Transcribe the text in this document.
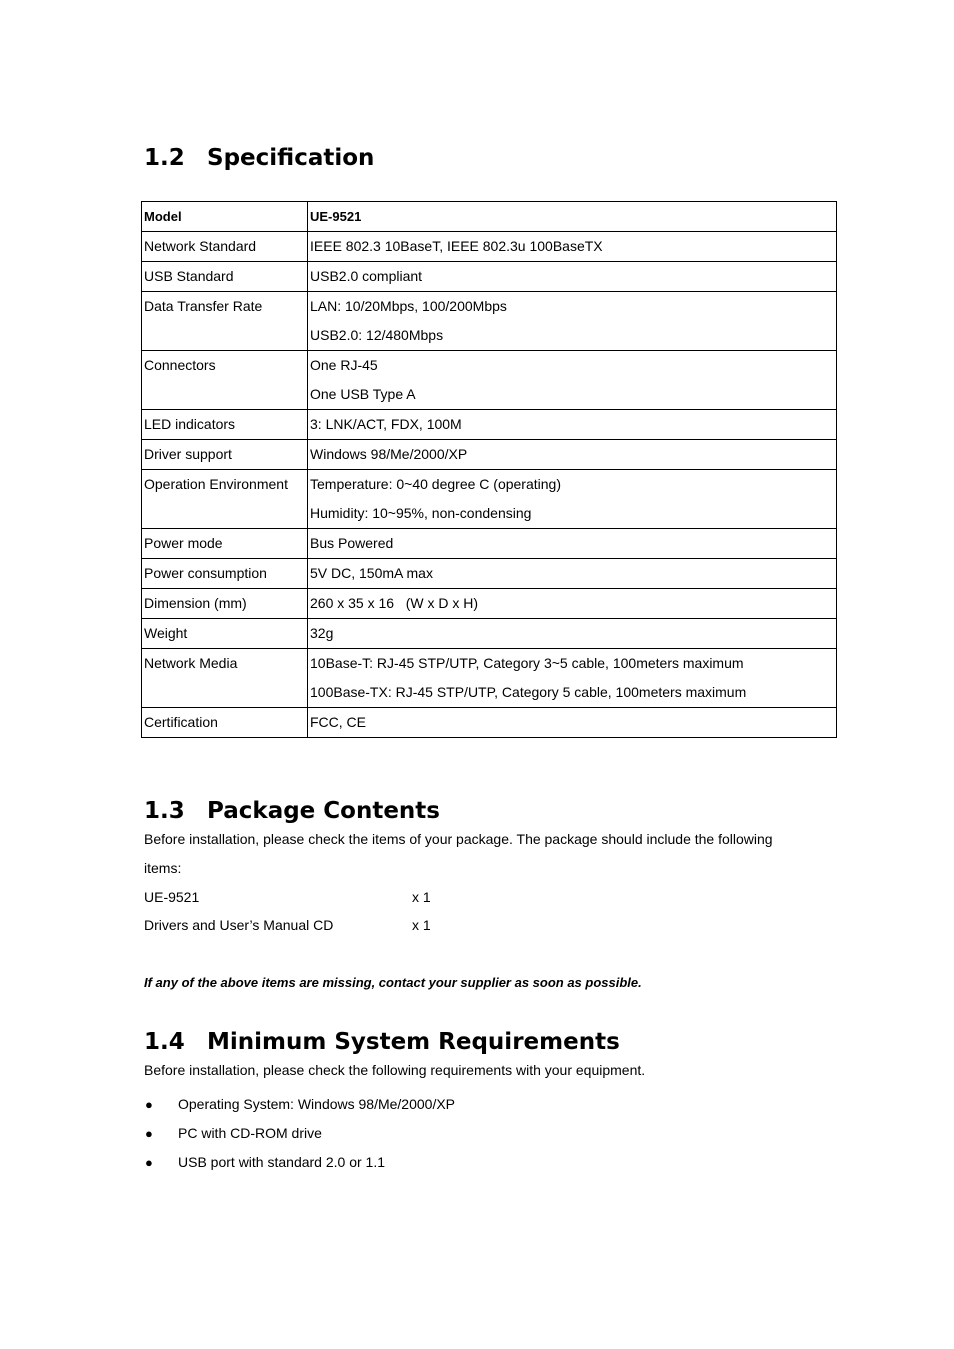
1.2 Specification
Model	UE-9521
Network Standard	IEEE 802.3 10BaseT, IEEE 802.3u 100BaseTX

USB Standard	USB2.0 compliant

Data Transfer Rate	LAN: 10/20Mbps, 100/200Mbps
USB2.0: 12/480Mbps

Connectors	One RJ-45
One USB Type A

LED indicators	3: LNK/ACT, FDX, 100M

Driver support	Windows 98/Me/2000/XP

Operation Environment	Temperature: 0~40 degree C (operating)
Humidity: 10~95%, non-condensing

Power mode	Bus Powered

Power consumption	5V DC, 150mA max

Dimension (mm)	260 x 35 x 16   (W x D x H)

Weight	32g

Network Media	10Base-T: RJ-45 STP/UTP, Category 3~5 cable, 100meters maximum
100Base-TX: RJ-45 STP/UTP, Category 5 cable, 100meters maximum

Certification	FCC, CE
1.3 Package Contents

Before installation, please check the items of your package. The package should include the following
items:

UE-9521	x 1
Drivers and User’s Manual CD	x 1

If any of the above items are missing, contact your supplier as soon as possible.

1.4 Minimum System Requirements

Before installation, please check the following requirements with your equipment.

● Operating System: Windows 98/Me/2000/XP
● PC with CD-ROM drive
● USB port with standard 2.0 or 1.1
